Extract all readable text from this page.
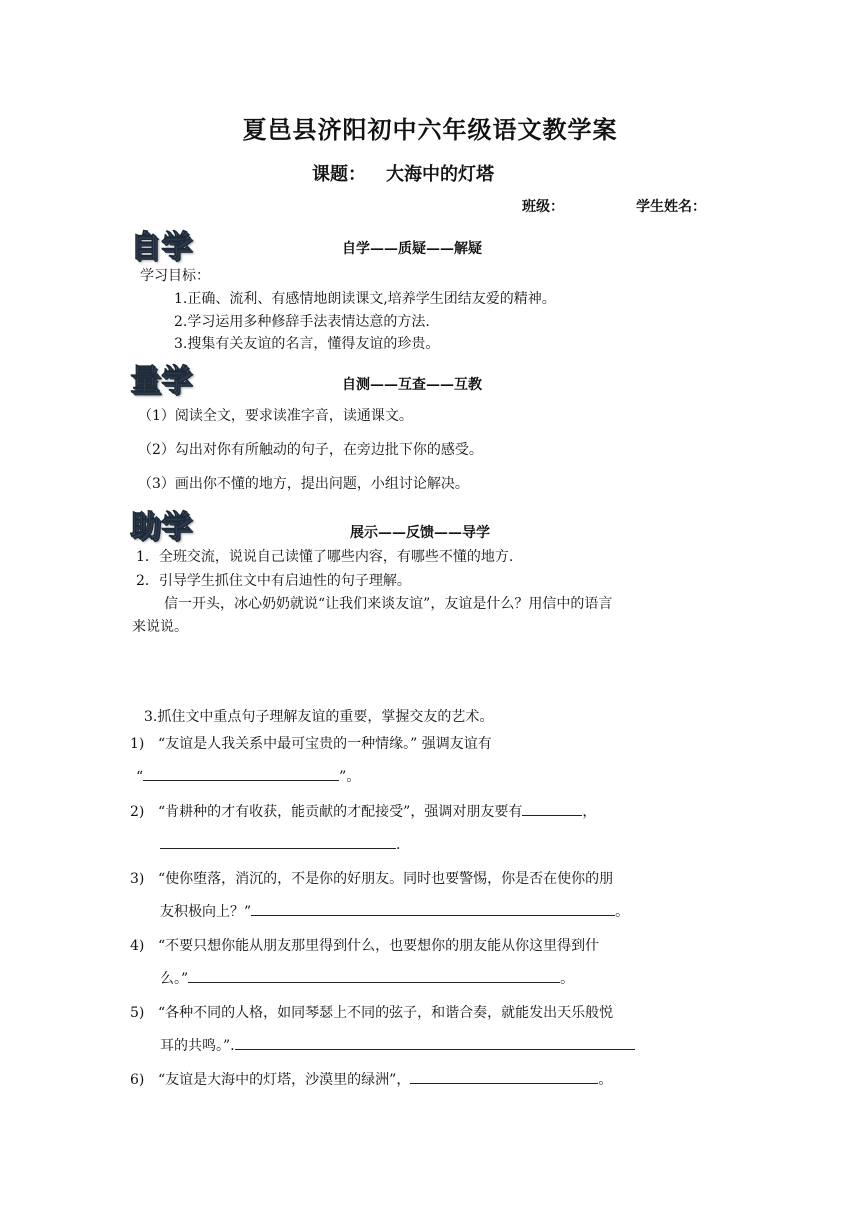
夏邑县济阳初中六年级语文教学案
课题： 大海中的灯塔
班级：	学生姓名：
自学	自学——质疑——解疑
学习目标：
1.正确、流利、有感情地朗读课文,培养学生团结友爱的精神。
2.学习运用多种修辞手法表情达意的方法.
3.搜集有关友谊的名言，懂得友谊的珍贵。
量学	自测——互查——互教
（1）阅读全文，要求读准字音，读通课文。
（2）勾出对你有所触动的句子，在旁边批下你的感受。
（3）画出你不懂的地方，提出问题，小组讨论解决。
助学	展示——反馈——导学
1．全班交流，说说自己读懂了哪些内容，有哪些不懂的地方.
2．引导学生抓住文中有启迪性的句子理解。
信一开头，冰心奶奶就说“让我们来谈友谊”，友谊是什么？用信中的语言
来说说。
3.抓住文中重点句子理解友谊的重要，掌握交友的艺术。
1) “友谊是人我关系中最可宝贵的一种情缘。” 强调友谊有
“	”。
2) “肯耕种的才有收获，能贡献的才配接受”，强调对朋友要有	，
.
3) “使你堕落，消沉的，不是你的好朋友。同时也要警惕，你是否在使你的朋
友积极向上？”	。
4) “不要只想你能从朋友那里得到什么，也要想你的朋友能从你这里得到什
么。”	。
5) “各种不同的人格，如同琴瑟上不同的弦子，和谐合奏，就能发出天乐般悦
耳的共鸣。”.
6) “友谊是大海中的灯塔，沙漠里的绿洲”，	。
